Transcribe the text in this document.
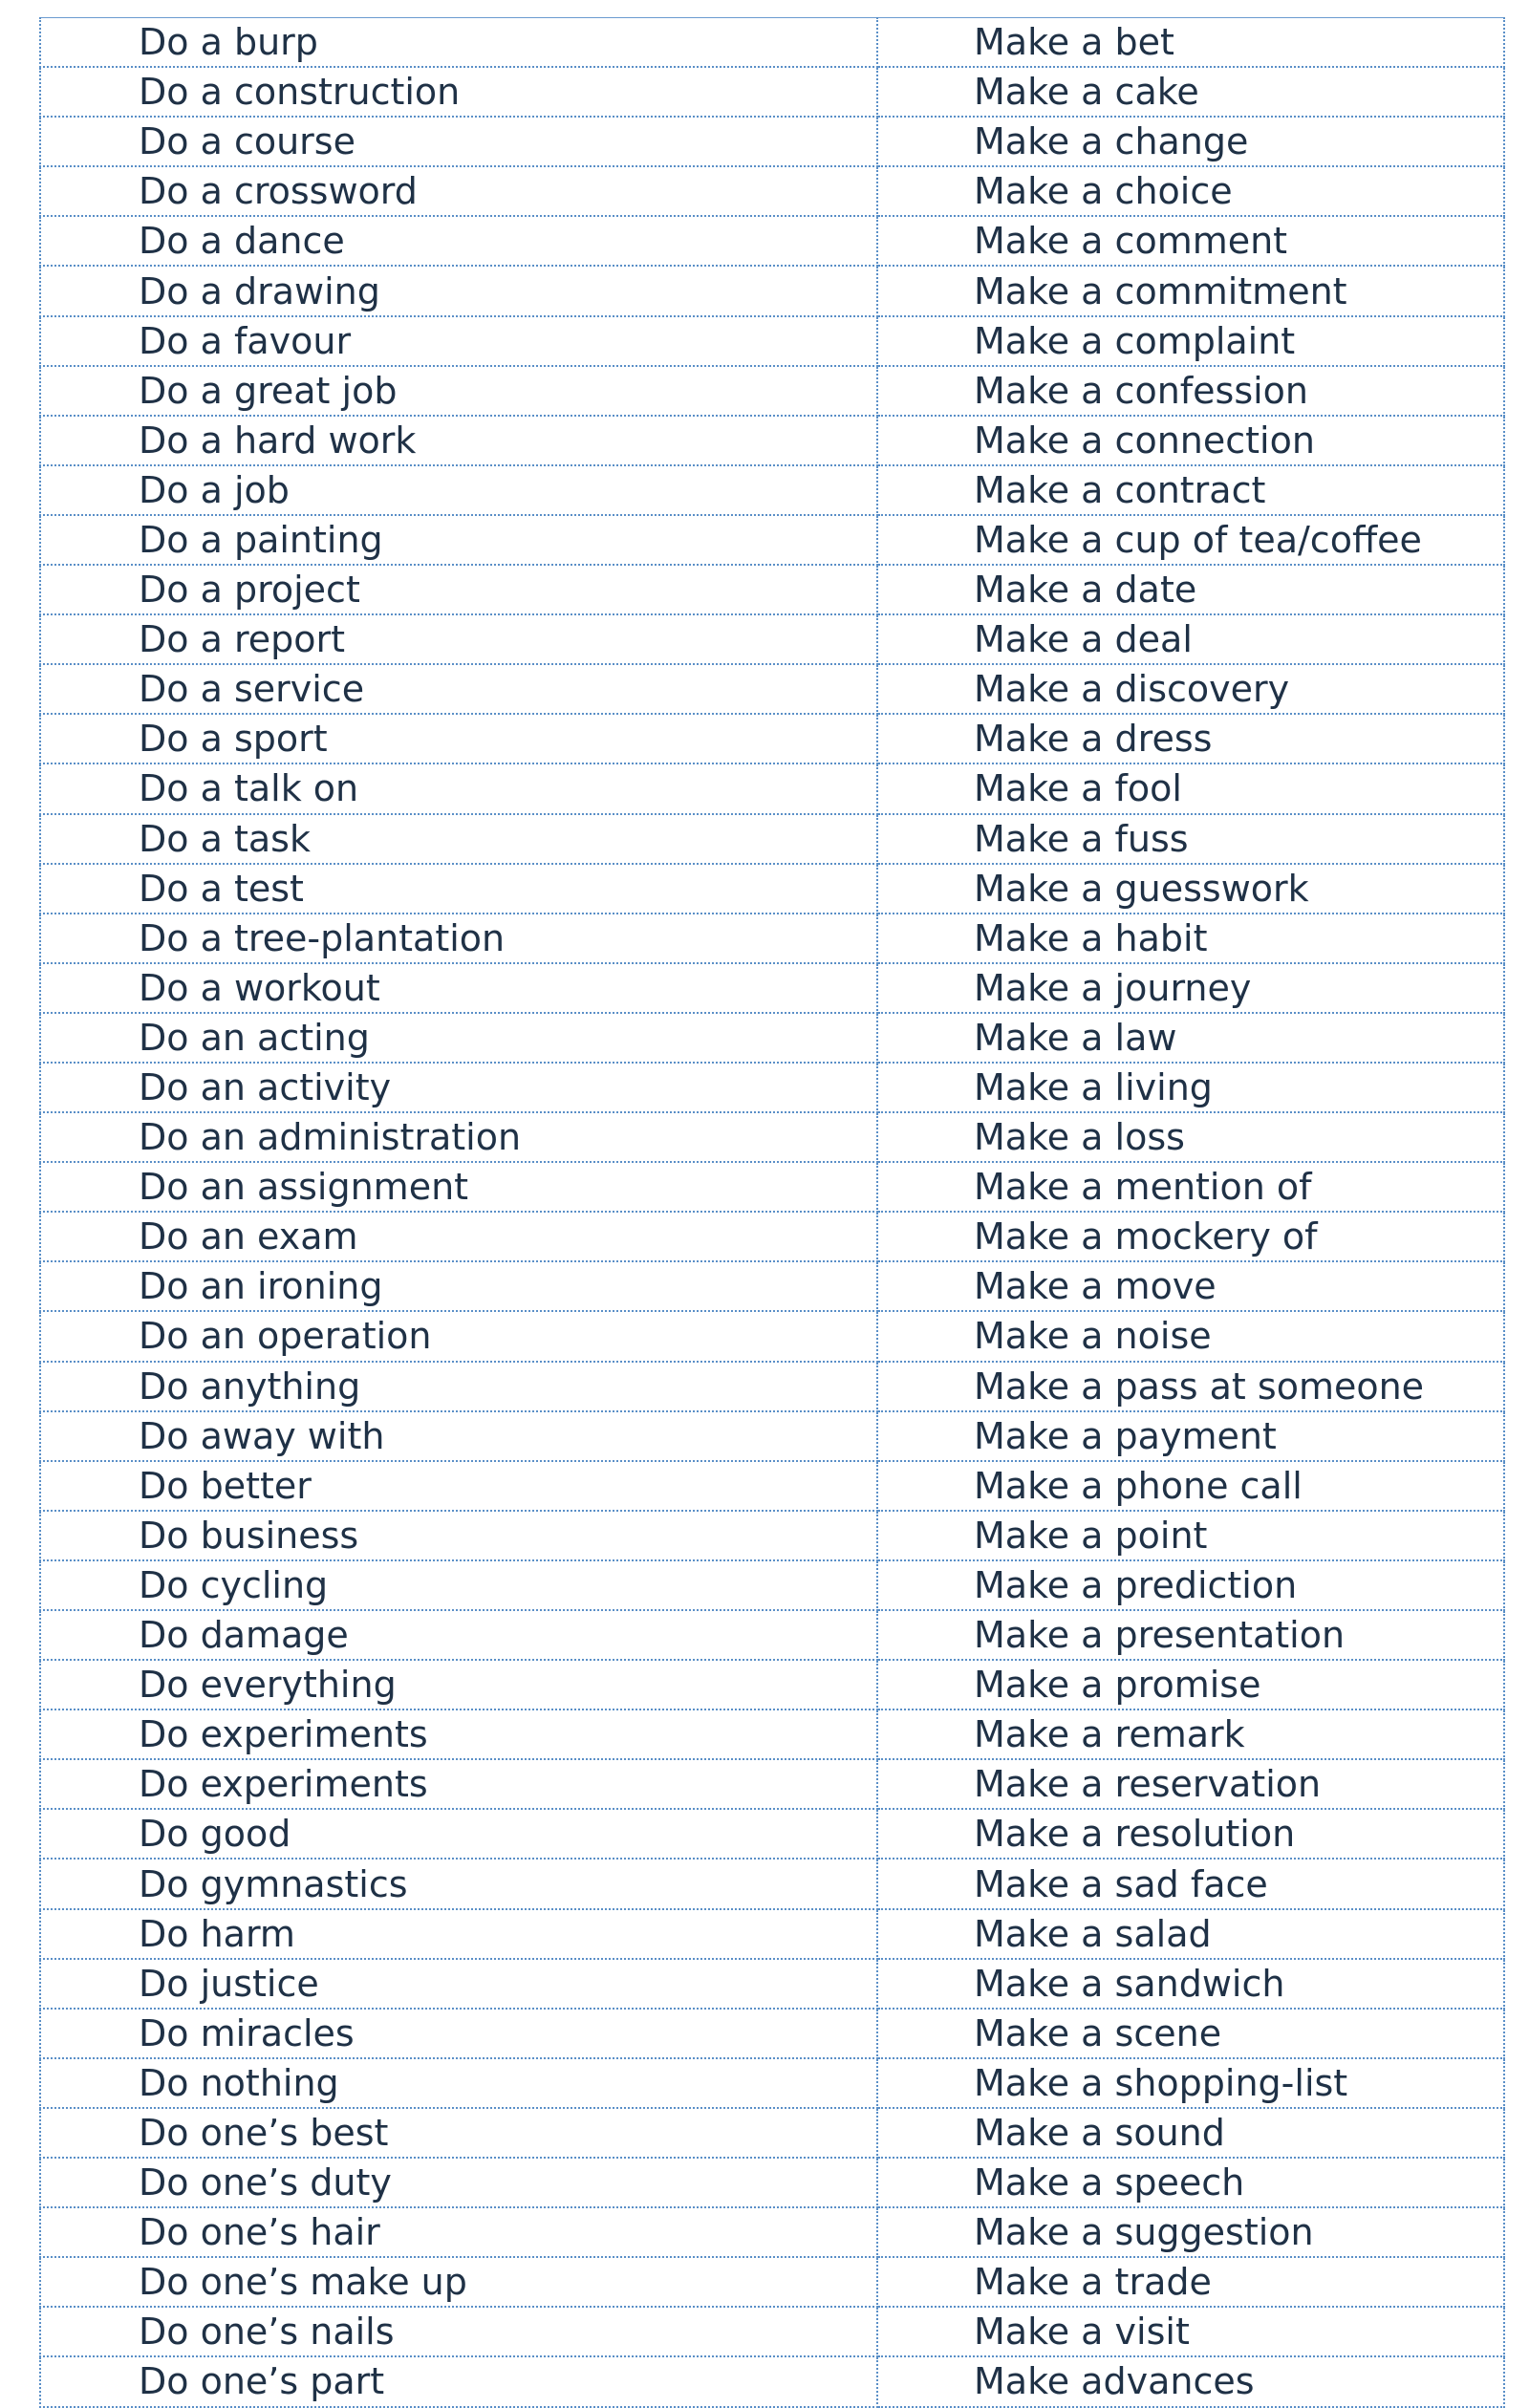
Do a burp	Make a bet
Do a construction	Make a cake
Do a course	Make a change
Do a crossword	Make a choice
Do a dance	Make a comment
Do a drawing	Make a commitment
Do a favour	Make a complaint
Do a great job	Make a confession
Do a hard work	Make a connection
Do a job	Make a contract
Do a painting	Make a cup of tea/coffee
Do a project	Make a date
Do a report	Make a deal
Do a service	Make a discovery
Do a sport	Make a dress
Do a talk on	Make a fool
Do a task	Make a fuss
Do a test	Make a guesswork
Do a tree-plantation	Make a habit
Do a workout	Make a journey
Do an acting	Make a law
Do an activity	Make a living
Do an administration	Make a loss
Do an assignment	Make a mention of
Do an exam	Make a mockery of
Do an ironing	Make a move
Do an operation	Make a noise
Do anything	Make a pass at someone
Do away with	Make a payment
Do better	Make a phone call
Do business	Make a point
Do cycling	Make a prediction
Do damage	Make a presentation
Do everything	Make a promise
Do experiments	Make a remark
Do experiments	Make a reservation
Do good	Make a resolution
Do gymnastics	Make a sad face
Do harm	Make a salad
Do justice	Make a sandwich
Do miracles	Make a scene
Do nothing	Make a shopping-list
Do one’s best	Make a sound
Do one’s duty	Make a speech
Do one’s hair	Make a suggestion
Do one’s make up	Make a trade
Do one’s nails	Make a visit
Do one’s part	Make advances
